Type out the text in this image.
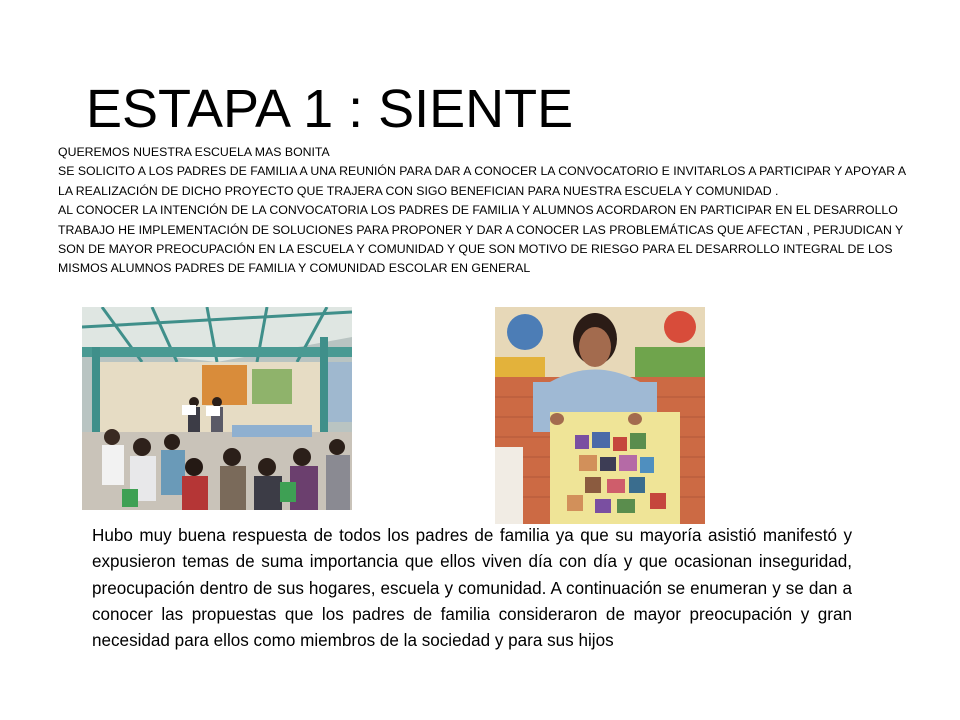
ESTAPA 1 : SIENTE

QUEREMOS NUESTRA ESCUELA MAS BONITA

SE SOLICITO A LOS PADRES DE FAMILIA A UNA REUNIÓN PARA DAR A CONOCER LA CONVOCATORIO E INVITARLOS A PARTICIPAR Y APOYAR A LA REALIZACIÓN DE DICHO PROYECTO QUE TRAJERA CON SIGO BENEFICIAN PARA NUESTRA ESCUELA Y COMUNIDAD .

AL CONOCER LA INTENCIÓN DE LA CONVOCATORIA LOS PADRES DE FAMILIA Y ALUMNOS ACORDARON EN PARTICIPAR EN EL DESARROLLO TRABAJO HE IMPLEMENTACIÓN DE SOLUCIONES PARA PROPONER Y DAR A CONOCER LAS PROBLEMÁTICAS QUE AFECTAN , PERJUDICAN Y SON DE MAYOR PREOCUPACIÓN EN LA ESCUELA Y COMUNIDAD Y QUE SON MOTIVO DE RIESGO PARA EL DESARROLLO INTEGRAL DE LOS MISMOS ALUMNOS PADRES DE FAMILIA Y COMUNIDAD ESCOLAR EN GENERAL

Hubo muy buena respuesta de todos los padres de familia ya que su mayoría asistió manifestó y expusieron temas de suma importancia que ellos viven día con día y que ocasionan inseguridad, preocupación dentro de sus hogares, escuela y comunidad. A continuación se enumeran y se dan a conocer las propuestas que los padres de familia consideraron de mayor preocupación y gran necesidad para ellos como miembros de la sociedad y para sus hijos
